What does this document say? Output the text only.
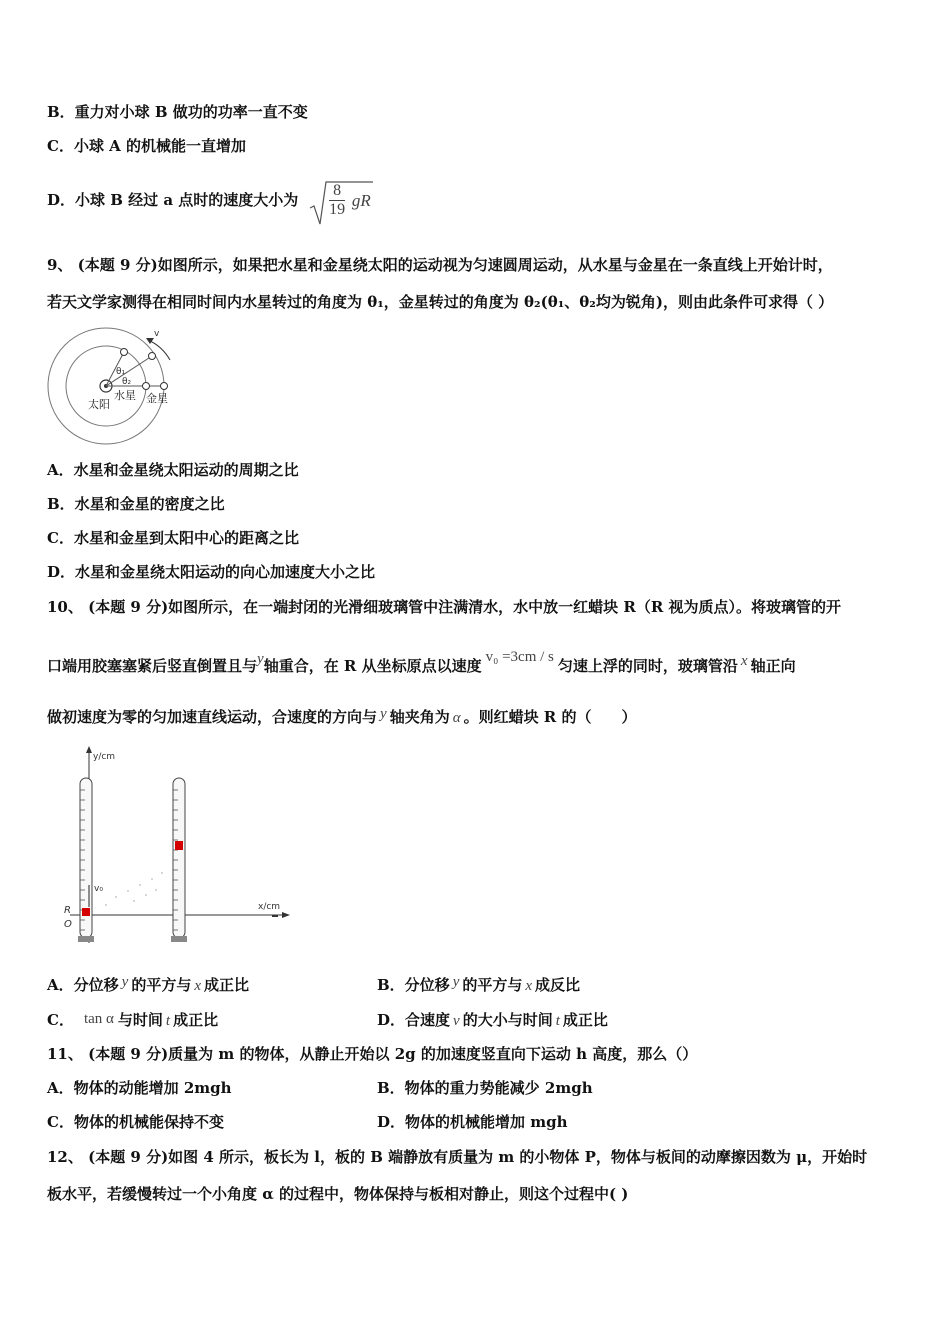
B．重力对小球 B 做功的功率一直不变
C．小球 A 的机械能一直增加
D．小球 B 经过 a 点时的速度大小为 $\frac{8}{19}$ gR
9、 (本题 9 分)如图所示，如果把水星和金星绕太阳的运动视为匀速圆周运动，从水星与金星在一条直线上开始计时，
若天文学家测得在相同时间内水星转过的角度为 θ₁，金星转过的角度为 θ₂(θ₁、θ₂均为锐角)，则由此条件可求得（ ）
v
θ₁
θ₂
太阳
水星 金星
A．水星和金星绕太阳运动的周期之比
B．水星和金星的密度之比
C．水星和金星到太阳中心的距离之比
D．水星和金星绕太阳运动的向心加速度大小之比
10、 (本题 9 分)如图所示，在一端封闭的光滑细玻璃管中注满清水，水中放一红蜡块 R（R 视为质点）。将玻璃管的开
口端用胶塞塞紧后竖直倒置且与y轴重合，在 R 从坐标原点以速度 v₀ =3cm / s 匀速上浮的同时，玻璃管沿 x 轴正向
做初速度为零的匀加速直线运动，合速度的方向与 y 轴夹角为 α 。则红蜡块 R 的（　　）
y/cm
x/cm
v₀
R
O
A．分位移 y 的平方与 x 成正比	B．分位移 y 的平方与 x 成反比
C． tan α 与时间 t 成正比	D．合速度 v 的大小与时间 t 成正比
11、 (本题 9 分)质量为 m 的物体，从静止开始以 2g 的加速度竖直向下运动 h 高度，那么（）
A．物体的动能增加 2mgh	B．物体的重力势能减少 2mgh
C．物体的机械能保持不变	D．物体的机械能增加 mgh
12、 (本题 9 分)如图 4 所示，板长为 l，板的 B 端静放有质量为 m 的小物体 P，物体与板间的动摩擦因数为 μ，开始时
板水平，若缓慢转过一个小角度 α 的过程中，物体保持与板相对静止，则这个过程中( )
